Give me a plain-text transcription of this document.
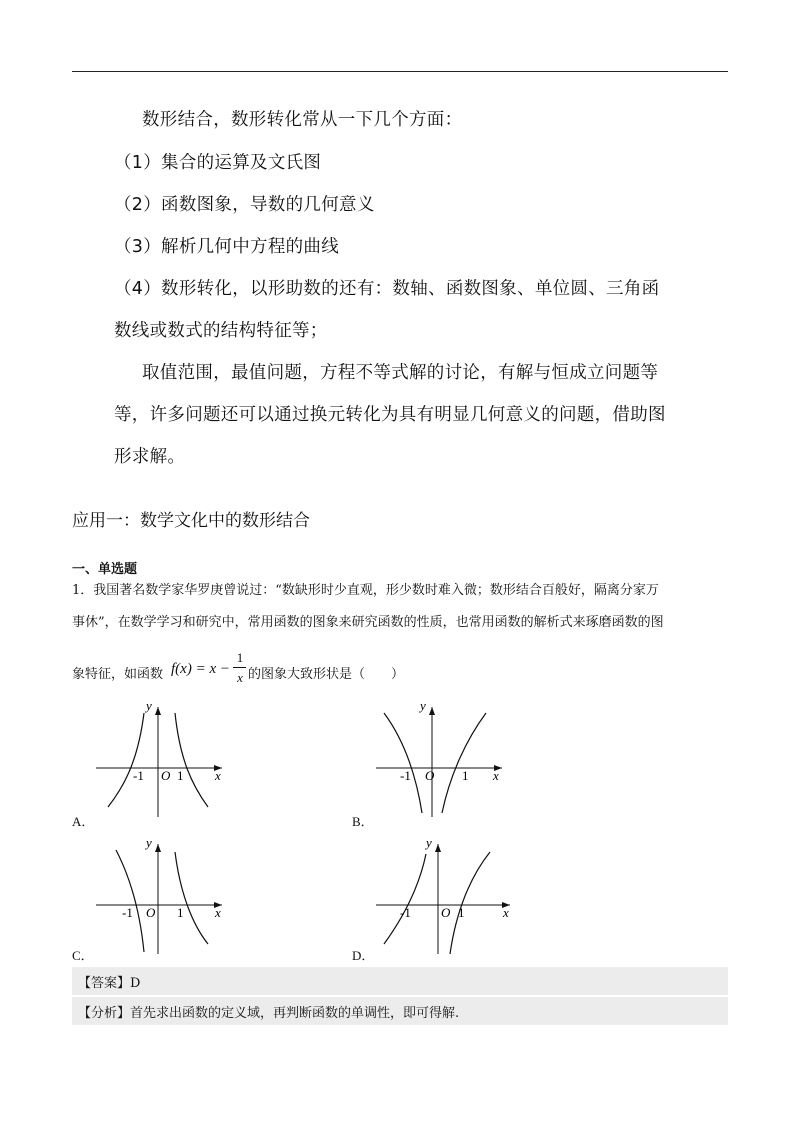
数形结合，数形转化常从一下几个方面：
（1）集合的运算及文氏图
（2）函数图象，导数的几何意义
（3）解析几何中方程的曲线
（4）数形转化，以形助数的还有：数轴、函数图象、单位圆、三角函
数线或数式的结构特征等；
取值范围，最值问题，方程不等式解的讨论，有解与恒成立问题等
等，许多问题还可以通过换元转化为具有明显几何意义的问题，借助图
形求解。
应用一：数学文化中的数形结合
一、单选题
1．我国著名数学家华罗庚曾说过：“数缺形时少直观，形少数时难入微；数形结合百般好，隔离分家万
事休”，在数学学习和研究中，常用函数的图象来研究函数的性质，也常用函数的解析式来琢磨函数的图
象特征，如函数 f(x) = x −
1
x 的图象大致形状是（　　）
y
x
O
-1	1
A．
y
x
O
-1	1
B．
y
x
O
-1	1
C．
y
x
O
-1	1
D．
【答案】D
【分析】首先求出函数的定义域，再判断函数的单调性，即可得解.
